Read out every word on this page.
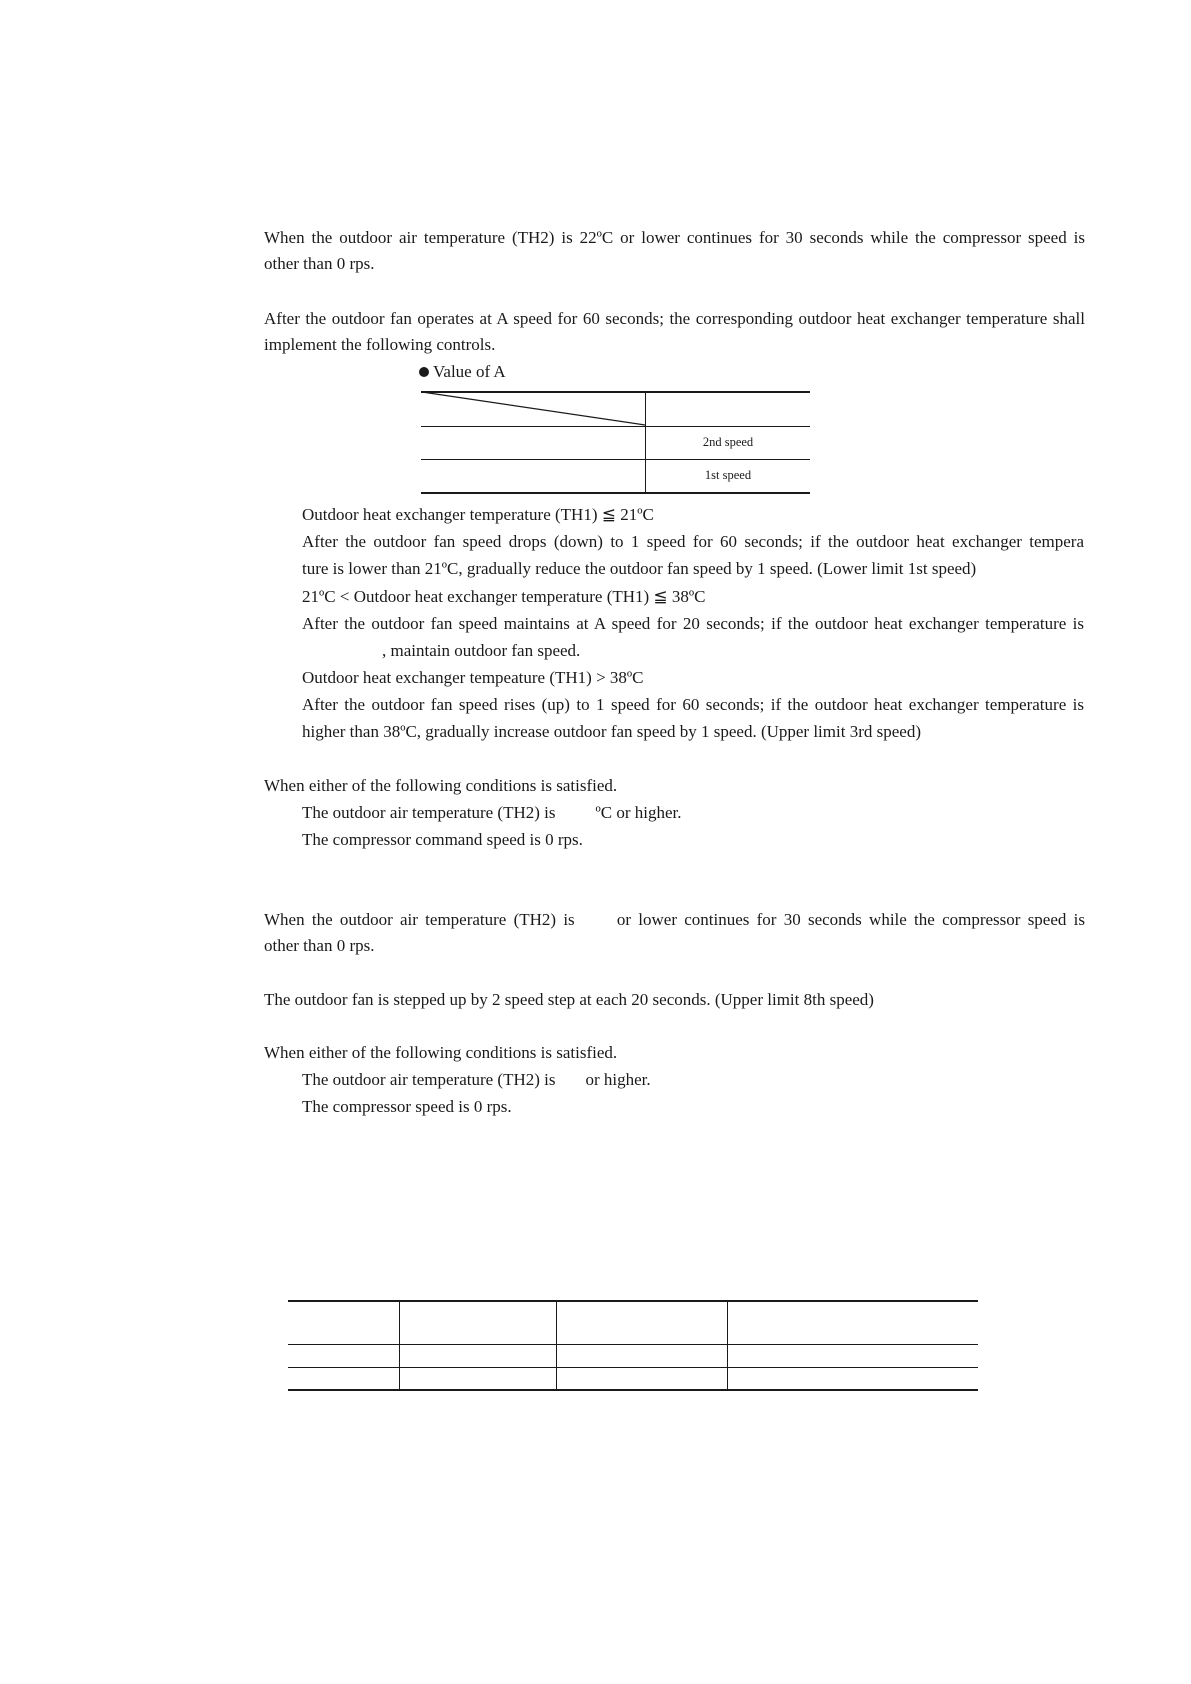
When the outdoor air temperature (TH2) is 22ºC or lower continues for 30 seconds while the compressor speed is
other than 0 rps.
After the outdoor fan operates at A speed for 60 seconds; the corresponding outdoor heat exchanger temperature shall
implement the following controls.
Value of A
2nd speed
1st speed
Outdoor heat exchanger temperature (TH1) ≦ 21ºC
After the outdoor fan speed drops (down) to 1 speed for 60 seconds; if the outdoor heat exchanger tempera
ture is lower than 21ºC, gradually reduce the outdoor fan speed by 1 speed. (Lower limit 1st speed)
21ºC < Outdoor heat exchanger temperature (TH1) ≦ 38ºC
After the outdoor fan speed maintains at A speed for 20 seconds; if the outdoor heat exchanger temperature is
, maintain outdoor fan speed.
Outdoor heat exchanger tempeature (TH1) > 38ºC
After the outdoor fan speed rises (up) to 1 speed for 60 seconds; if the outdoor heat exchanger temperature is
higher than 38ºC, gradually increase outdoor fan speed by 1 speed. (Upper limit 3rd speed)
When either of the following conditions is satisfied.
The outdoor air temperature (TH2) is ºC or higher.
The compressor command speed is 0 rps.
When the outdoor air temperature (TH2) is or lower continues for 30 seconds while the compressor speed is
other than 0 rps.
The outdoor fan is stepped up by 2 speed step at each 20 seconds. (Upper limit 8th speed)
When either of the following conditions is satisfied.
The outdoor air temperature (TH2) is or higher.
The compressor speed is 0 rps.
